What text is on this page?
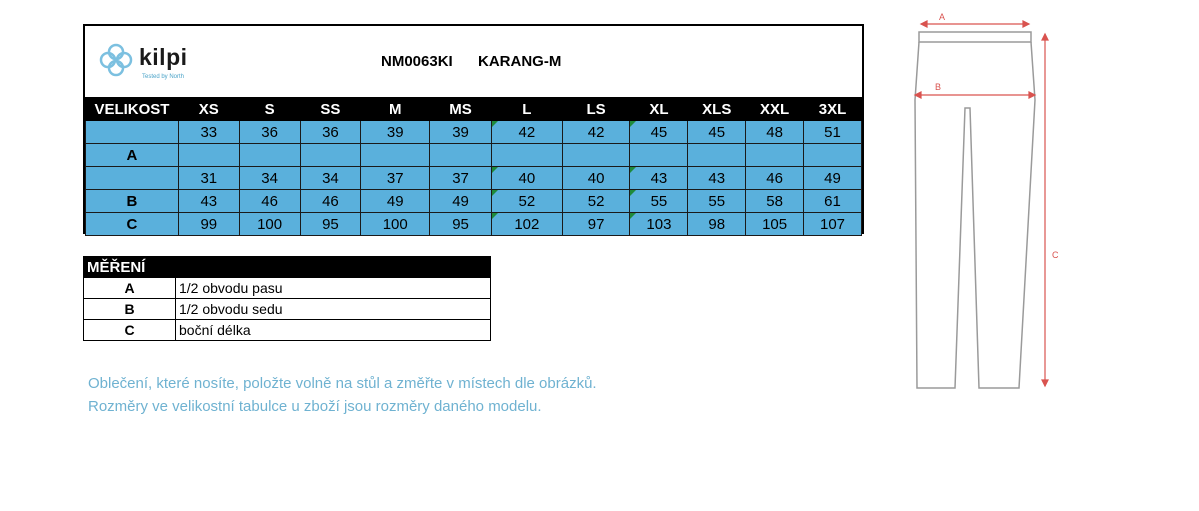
kilpi
Tested by North
NM0063KI KARANG-M
VELIKOST	XS	S	SS	M	MS	L	LS	XL	XLS	XXL	3XL
	33	36	36	39	39	42	42	45	45	48	51
A											
	31	34	34	37	37	40	40	43	43	46	49
B	43	46	46	49	49	52	52	55	55	58	61
C	99	100	95	100	95	102	97	103	98	105	107
MĚŘENÍ	
A	1/2 obvodu pasu
B	1/2 obvodu sedu
C	boční délka
Oblečení, které nosíte, položte volně na stůl a změřte v místech dle obrázků.
Rozměry ve velikostní tabulce u zboží jsou rozměry daného modelu.
A
B
C
